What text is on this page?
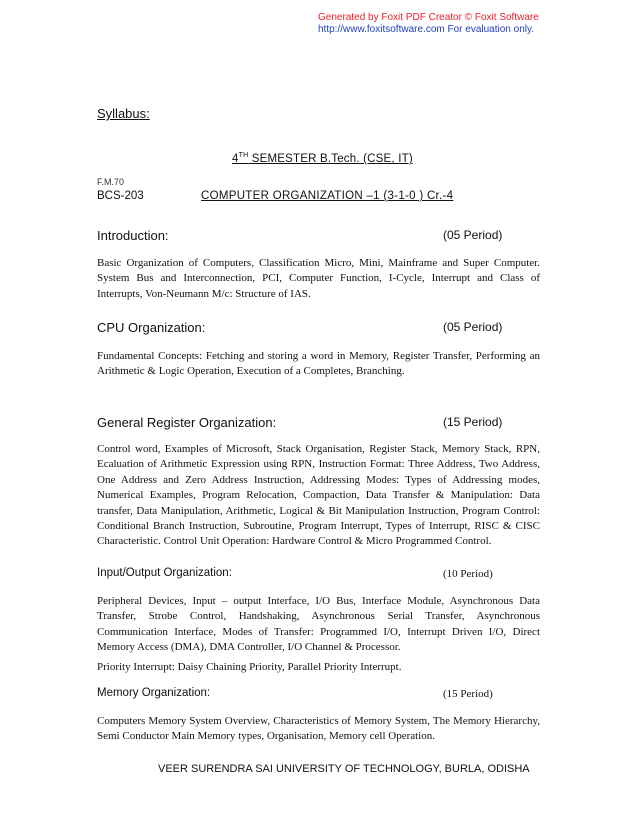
Generated by Foxit PDF Creator © Foxit Software
http://www.foxitsoftware.com For evaluation only.
Syllabus:
4TH SEMESTER B.Tech. (CSE, IT)
F.M.70
BCS-203	COMPUTER ORGANIZATION –1 (3-1-0 ) Cr.-4
Introduction:	(05 Period)

Basic Organization of Computers, Classification Micro, Mini, Mainframe and Super Computer. System Bus and Interconnection, PCI, Computer Function, I-Cycle, Interrupt and Class of Interrupts, Von-Neumann M/c: Structure of IAS.

CPU Organization:	(05 Period)

Fundamental Concepts: Fetching and storing a word in Memory, Register Transfer, Performing an Arithmetic & Logic Operation, Execution of a Completes, Branching.

General Register Organization:	(15 Period)

Control word, Examples of Microsoft, Stack Organisation, Register Stack, Memory Stack, RPN, Ecaluation of Arithmetic Expression using RPN, Instruction Format: Three Address, Two Address, One Address and Zero Address Instruction, Addressing Modes: Types of Addressing modes, Numerical Examples, Program Relocation, Compaction, Data Transfer & Manipulation: Data transfer, Data Manipulation, Arithmetic, Logical & Bit Manipulation Instruction, Program Control: Conditional Branch Instruction, Subroutine, Program Interrupt, Types of Interrupt, RISC & CISC Characteristic. Control Unit Operation: Hardware Control & Micro Programmed Control.

Input/Output Organization:	(10 Period)

Peripheral Devices, Input – output Interface, I/O Bus, Interface Module, Asynchronous Data Transfer, Strobe Control, Handshaking, Asynchronous Serial Transfer, Asynchronous Communication Interface, Modes of Transfer: Programmed I/O, Interrupt Driven I/O, Direct Memory Access (DMA), DMA Controller, I/O Channel & Processor.

Priority Interrupt: Daisy Chaining Priority, Parallel Priority Interrupt.

Memory Organization:	(15 Period)

Computers Memory System Overview, Characteristics of Memory System, The Memory Hierarchy, Semi Conductor Main Memory types, Organisation, Memory cell Operation.

VEER SURENDRA SAI UNIVERSITY OF TECHNOLOGY, BURLA, ODISHA
